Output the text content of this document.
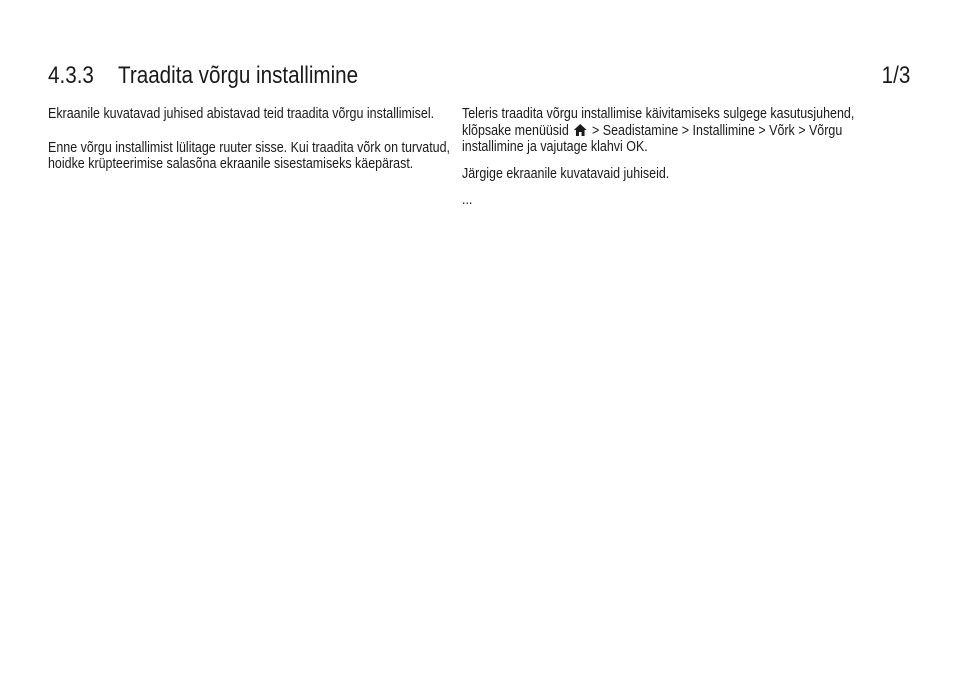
4.3.3 Traadita võrgu installimine	1/3

Ekraanile kuvatavad juhised abistavad teid traadita võrgu installimisel.

Enne võrgu installimist lülitage ruuter sisse. Kui traadita võrk on turvatud, hoidke krüpteerimise salasõna ekraanile sisestamiseks käepärast.

Teleris traadita võrgu installimise käivitamiseks sulgege kasutusjuhend, klõpsake menüüsid  > Seadistamine > Installimine > Võrk > Võrgu installimine ja vajutage klahvi OK.

Järgige ekraanile kuvatavaid juhiseid.

...
